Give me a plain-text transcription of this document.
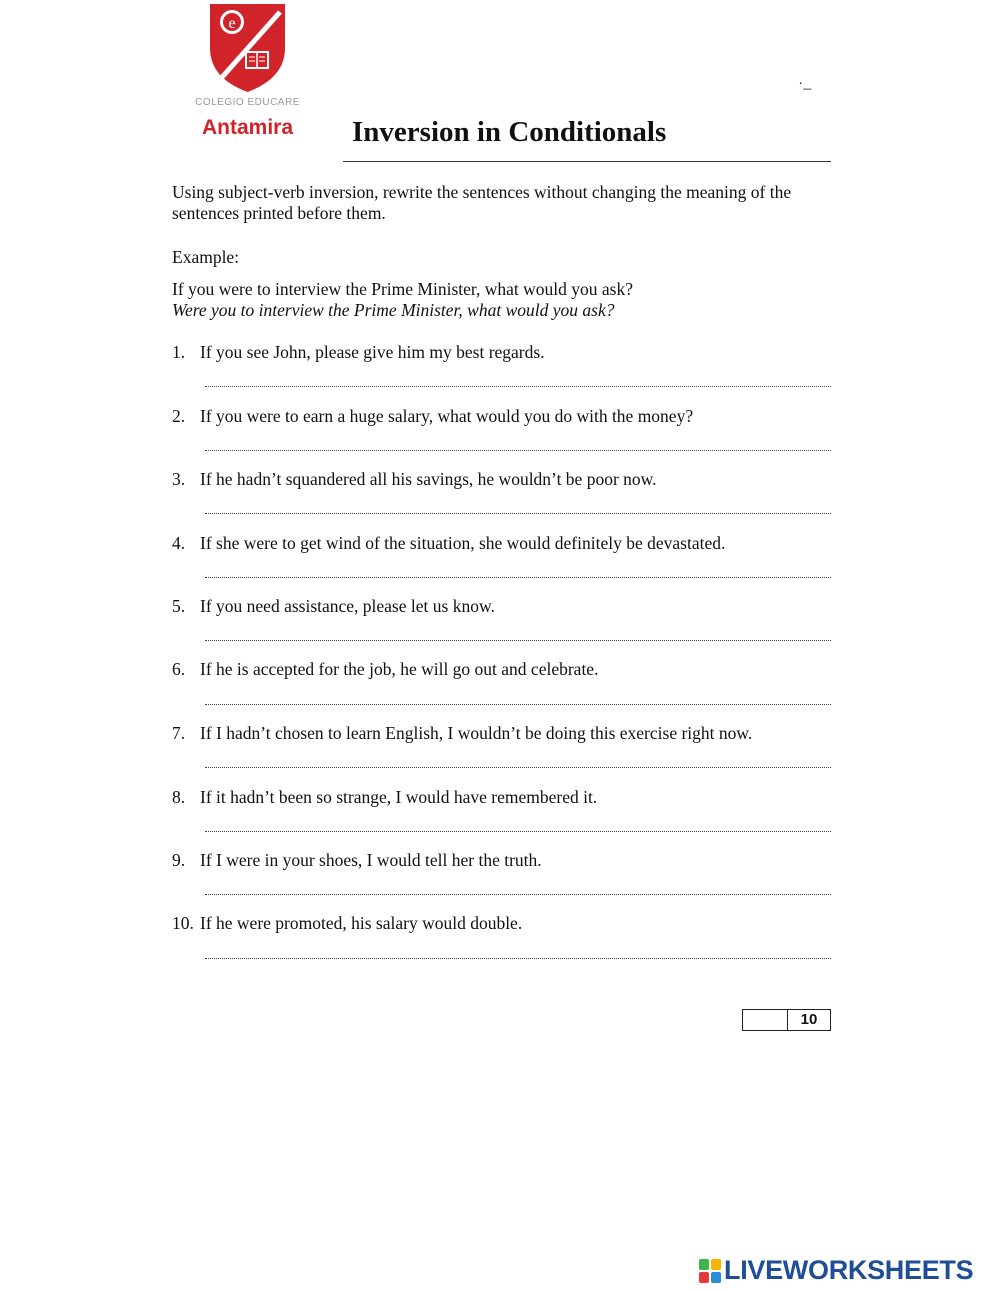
e
COLEGIO EDUCARE
Antamira
˙–
Inversion in Conditionals
Using subject-verb inversion, rewrite the sentences without changing the meaning of the sentences printed before them.
Example:
If you were to interview the Prime Minister, what would you ask?
Were you to interview the Prime Minister, what would you ask?
1. If you see John, please give him my best regards.
2. If you were to earn a huge salary, what would you do with the money?
3. If he hadn’t squandered all his savings, he wouldn’t be poor now.
4. If she were to get wind of the situation, she would definitely be devastated.
5. If you need assistance, please let us know.
6. If he is accepted for the job, he will go out and celebrate.
7. If I hadn’t chosen to learn English, I wouldn’t be doing this exercise right now.
8. If it hadn’t been so strange, I would have remembered it.
9. If I were in your shoes, I would tell her the truth.
10. If he were promoted, his salary would double.
10
LIVEWORKSHEETS
